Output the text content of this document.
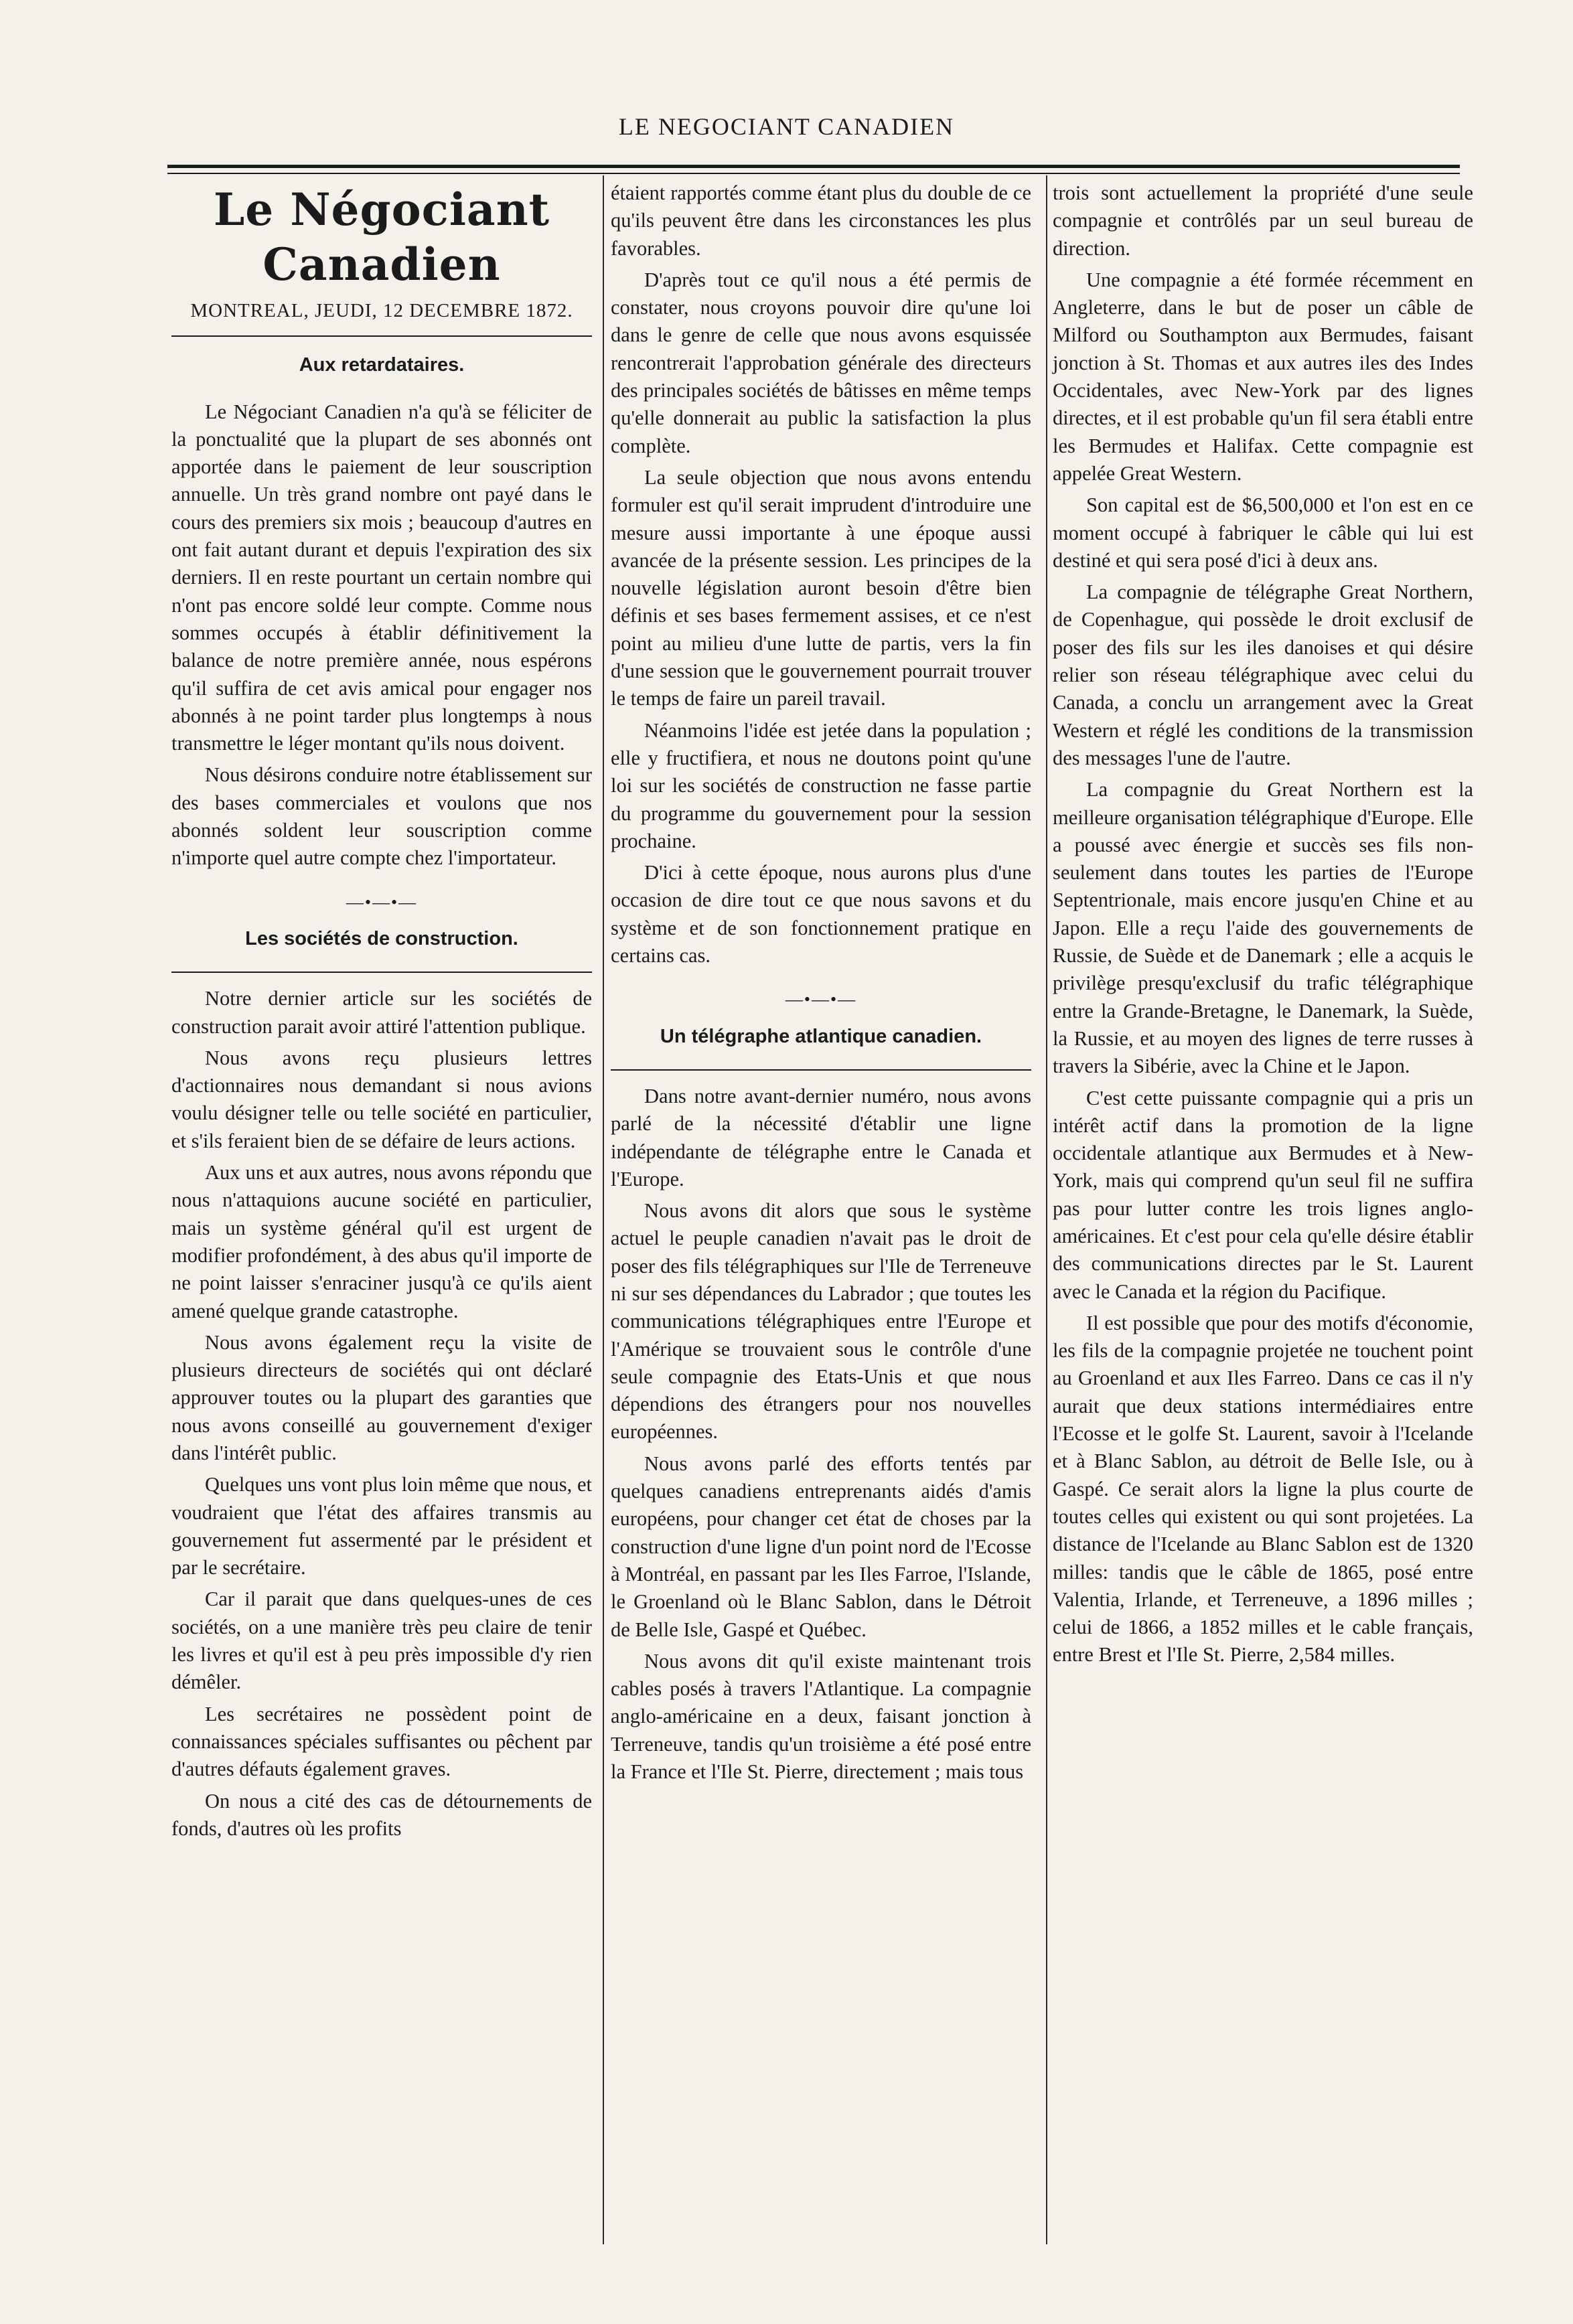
LE NEGOCIANT CANADIEN
Le Négociant Canadien
MONTREAL, JEUDI, 12 DECEMBRE 1872.
Aux retardataires.

Le Négociant Canadien n'a qu'à se féliciter de la ponctualité que la plupart de ses abonnés ont apportée dans le paiement de leur souscription annuelle. Un très grand nombre ont payé dans le cours des premiers six mois ; beaucoup d'autres en ont fait autant durant et depuis l'expiration des six derniers. Il en reste pourtant un certain nombre qui n'ont pas encore soldé leur compte. Comme nous sommes occupés à établir définitivement la balance de notre première année, nous espérons qu'il suffira de cet avis amical pour engager nos abonnés à ne point tarder plus longtemps à nous transmettre le léger montant qu'ils nous doivent.

Nous désirons conduire notre établissement sur des bases commerciales et voulons que nos abonnés soldent leur souscription comme n'importe quel autre compte chez l'importateur.

—•—•—
Les sociétés de construction.

Notre dernier article sur les sociétés de construction parait avoir attiré l'attention publique.

Nous avons reçu plusieurs lettres d'actionnaires nous demandant si nous avions voulu désigner telle ou telle société en particulier, et s'ils feraient bien de se défaire de leurs actions.

Aux uns et aux autres, nous avons répondu que nous n'attaquions aucune société en particulier, mais un système général qu'il est urgent de modifier profondément, à des abus qu'il importe de ne point laisser s'enraciner jusqu'à ce qu'ils aient amené quelque grande catastrophe.

Nous avons également reçu la visite de plusieurs directeurs de sociétés qui ont déclaré approuver toutes ou la plupart des garanties que nous avons conseillé au gouvernement d'exiger dans l'intérêt public.

Quelques uns vont plus loin même que nous, et voudraient que l'état des affaires transmis au gouvernement fut assermenté par le président et par le secrétaire.

Car il parait que dans quelques-unes de ces sociétés, on a une manière très peu claire de tenir les livres et qu'il est à peu près impossible d'y rien démêler.

Les secrétaires ne possèdent point de connaissances spéciales suffisantes ou pêchent par d'autres défauts également graves.

On nous a cité des cas de détournements de fonds, d'autres où les profits

étaient rapportés comme étant plus du double de ce qu'ils peuvent être dans les circonstances les plus favorables.

D'après tout ce qu'il nous a été permis de constater, nous croyons pouvoir dire qu'une loi dans le genre de celle que nous avons esquissée rencontrerait l'approbation générale des directeurs des principales sociétés de bâtisses en même temps qu'elle donnerait au public la satisfaction la plus complète.

La seule objection que nous avons entendu formuler est qu'il serait imprudent d'introduire une mesure aussi importante à une époque aussi avancée de la présente session. Les principes de la nouvelle législation auront besoin d'être bien définis et ses bases fermement assises, et ce n'est point au milieu d'une lutte de partis, vers la fin d'une session que le gouvernement pourrait trouver le temps de faire un pareil travail.

Néanmoins l'idée est jetée dans la population ; elle y fructifiera, et nous ne doutons point qu'une loi sur les sociétés de construction ne fasse partie du programme du gouvernement pour la session prochaine.

D'ici à cette époque, nous aurons plus d'une occasion de dire tout ce que nous savons et du système et de son fonctionnement pratique en certains cas.

—•—•—
Un télégraphe atlantique canadien.

Dans notre avant-dernier numéro, nous avons parlé de la nécessité d'établir une ligne indépendante de télégraphe entre le Canada et l'Europe.

Nous avons dit alors que sous le système actuel le peuple canadien n'avait pas le droit de poser des fils télégraphiques sur l'Ile de Terreneuve ni sur ses dépendances du Labrador ; que toutes les communications télégraphiques entre l'Europe et l'Amérique se trouvaient sous le contrôle d'une seule compagnie des Etats-Unis et que nous dépendions des étrangers pour nos nouvelles européennes.

Nous avons parlé des efforts tentés par quelques canadiens entreprenants aidés d'amis européens, pour changer cet état de choses par la construction d'une ligne d'un point nord de l'Ecosse à Montréal, en passant par les Iles Farroe, l'Islande, le Groenland où le Blanc Sablon, dans le Détroit de Belle Isle, Gaspé et Québec.

Nous avons dit qu'il existe maintenant trois cables posés à travers l'Atlantique. La compagnie anglo-américaine en a deux, faisant jonction à Terreneuve, tandis qu'un troisième a été posé entre la France et l'Ile St. Pierre, directement ; mais tous

trois sont actuellement la propriété d'une seule compagnie et contrôlés par un seul bureau de direction.

Une compagnie a été formée récemment en Angleterre, dans le but de poser un câble de Milford ou Southampton aux Bermudes, faisant jonction à St. Thomas et aux autres iles des Indes Occidentales, avec New-York par des lignes directes, et il est probable qu'un fil sera établi entre les Bermudes et Halifax. Cette compagnie est appelée Great Western.

Son capital est de $6,500,000 et l'on est en ce moment occupé à fabriquer le câble qui lui est destiné et qui sera posé d'ici à deux ans.

La compagnie de télégraphe Great Northern, de Copenhague, qui possède le droit exclusif de poser des fils sur les iles danoises et qui désire relier son réseau télégraphique avec celui du Canada, a conclu un arrangement avec la Great Western et réglé les conditions de la transmission des messages l'une de l'autre.

La compagnie du Great Northern est la meilleure organisation télégraphique d'Europe. Elle a poussé avec énergie et succès ses fils non-seulement dans toutes les parties de l'Europe Septentrionale, mais encore jusqu'en Chine et au Japon. Elle a reçu l'aide des gouvernements de Russie, de Suède et de Danemark ; elle a acquis le privilège presqu'exclusif du trafic télégraphique entre la Grande-Bretagne, le Danemark, la Suède, la Russie, et au moyen des lignes de terre russes à travers la Sibérie, avec la Chine et le Japon.

C'est cette puissante compagnie qui a pris un intérêt actif dans la promotion de la ligne occidentale atlantique aux Bermudes et à New-York, mais qui comprend qu'un seul fil ne suffira pas pour lutter contre les trois lignes anglo-américaines. Et c'est pour cela qu'elle désire établir des communications directes par le St. Laurent avec le Canada et la région du Pacifique.

Il est possible que pour des motifs d'économie, les fils de la compagnie projetée ne touchent point au Groenland et aux Iles Farreo. Dans ce cas il n'y aurait que deux stations intermédiaires entre l'Ecosse et le golfe St. Laurent, savoir à l'Icelande et à Blanc Sablon, au détroit de Belle Isle, ou à Gaspé. Ce serait alors la ligne la plus courte de toutes celles qui existent ou qui sont projetées. La distance de l'Icelande au Blanc Sablon est de 1320 milles: tandis que le câble de 1865, posé entre Valentia, Irlande, et Terreneuve, a 1896 milles ; celui de 1866, a 1852 milles et le cable français, entre Brest et l'Ile St. Pierre, 2,584 milles.
